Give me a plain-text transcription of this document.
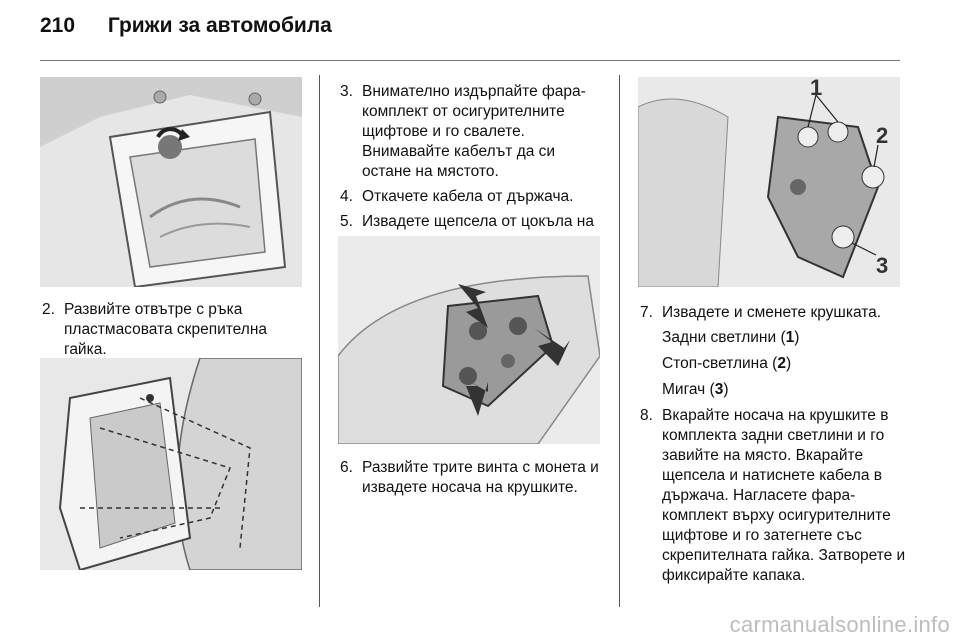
210 Грижи за автомобила
2. Развийте отвътре с ръка пластмасовата скрепителна гайка.
3. Внимателно издърпайте фара-комплект от осигурителните щифтове и го свалете. Внимавайте кабелът да си остане на мястото.
4. Откачете кабела от държача.
5. Извадете щепсела от цокъла на
6. Развийте трите винта с монета и извадете носача на крушките.
1
2
3
7. Извадете и сменете крушката.

Задни светлини (1)

Стоп-светлина (2)

Мигач (3)

8. Вкарайте носача на крушките в комплекта задни светлини и го завийте на място. Вкарайте щепсела и натиснете кабела в държача. Нагласете фара-комплект върху осигурителните щифтове и го затегнете със скрепителната гайка. Затворете и фиксирайте капака.
carmanualsonline.info
